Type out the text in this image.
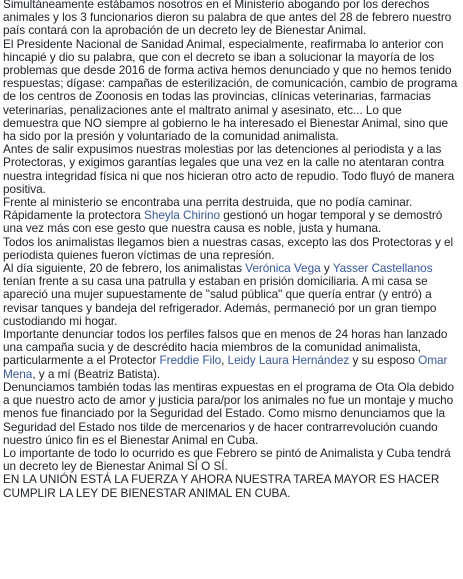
Simultáneamente estábamos nosotros en el Ministerio abogando por los derechos animales y los 3 funcionarios dieron su palabra de que antes del 28 de febrero nuestro país contará con la aprobación de un decreto ley de Bienestar Animal.

El Presidente Nacional de Sanidad Animal, especialmente, reafirmaba lo anterior con hincapié y dio su palabra, que con el decreto se iban a solucionar la mayoría de los problemas que desde 2016 de forma activa hemos denunciado y que no hemos tenido respuestas; dígase: campañas de esterilización, de comunicación, cambio de programa de los centros de Zoonosis en todas las provincias, clínicas veterinarias, farmacias veterinarias, penalizaciones ante el maltrato animal y asesinato, etc... Lo que demuestra que NO siempre al gobierno le ha interesado el Bienestar Animal, sino que ha sido por la presión y voluntariado de la comunidad animalista.

Antes de salir expusimos nuestras molestias por las detenciones al periodista y a las Protectoras, y exigimos garantías legales que una vez en la calle no atentaran contra nuestra integridad física ni que nos hicieran otro acto de repudio. Todo fluyó de manera positiva.

Frente al ministerio se encontraba una perrita destruida, que no podía caminar. Rápidamente la protectora Sheyla Chirino gestionó un hogar temporal y se demostró una vez más con ese gesto que nuestra causa es noble, justa y humana.

Todos los animalistas llegamos bien a nuestras casas, excepto las dos Protectoras y el periodista quienes fueron víctimas de una represión.

Al día siguiente, 20 de febrero, los animalistas Verónica Vega y Yasser Castellanos tenían frente a su casa una patrulla y estaban en prisión domiciliaria. A mi casa se apareció una mujer supuestamente de "salud pública" que quería entrar (y entró) a revisar tanques y bandeja del refrigerador. Además, permaneció por un gran tiempo custodiando mi hogar.

Importante denunciar todos los perfiles falsos que en menos de 24 horas han lanzado una campaña sucia y de descrédito hacia miembros de la comunidad animalista, particularmente a el Protector Freddie Filo, Leidy Laura Hernández y su esposo Omar Mena, y a mí (Beatriz Batista).

Denunciamos también todas las mentiras expuestas en el programa de Ota Ola debido a que nuestro acto de amor y justicia para/por los animales no fue un montaje y mucho menos fue financiado por la Seguridad del Estado. Como mismo denunciamos que la Seguridad del Estado nos tilde de mercenarios y de hacer contrarrevolución cuando nuestro único fin es el Bienestar Animal en Cuba.

Lo importante de todo lo ocurrido es que Febrero se pintó de Animalista y Cuba tendrá un decreto ley de Bienestar Animal SÍ O SÍ.

EN LA UNIÓN ESTÁ LA FUERZA Y AHORA NUESTRA TAREA MAYOR ES HACER CUMPLIR LA LEY DE BIENESTAR ANIMAL EN CUBA.
